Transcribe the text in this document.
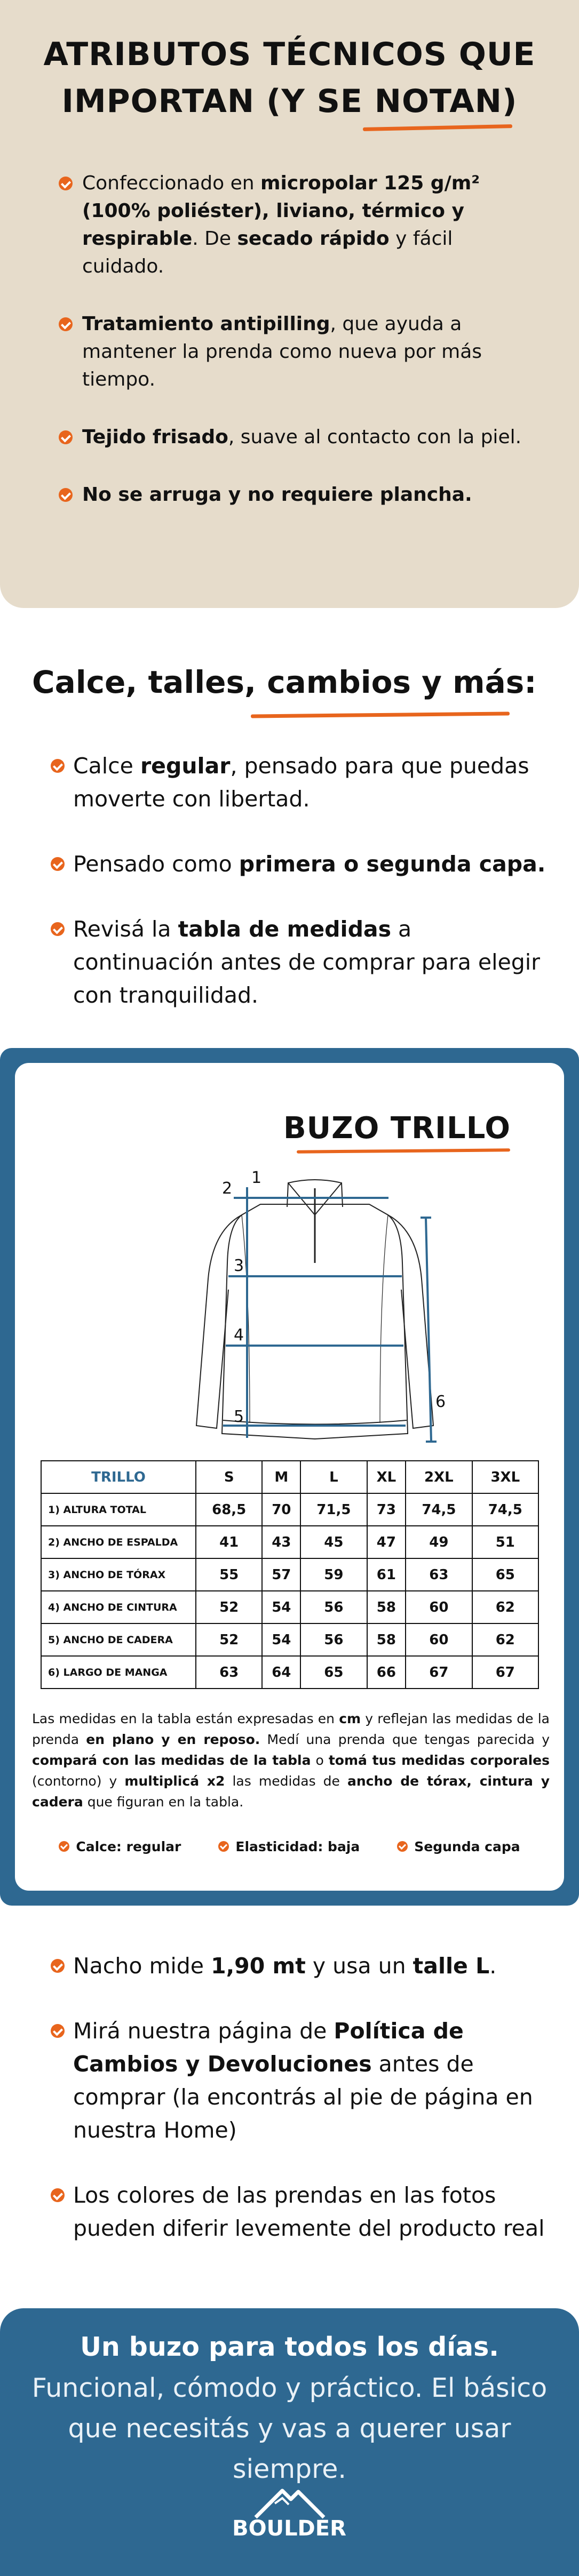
ATRIBUTOS TÉCNICOS QUE
IMPORTAN (Y SE NOTAN)
Confeccionado en micropolar 125 g/m² (100% poliéster), liviano, térmico y respirable. De secado rápido y fácil cuidado.
Tratamiento antipilling, que ayuda a mantener la prenda como nueva por más tiempo.
Tejido frisado, suave al contacto con la piel.
No se arruga y no requiere plancha.
Calce, talles, cambios y más:
Calce regular, pensado para que puedas moverte con libertad.
Pensado como primera o segunda capa.
Revisá la tabla de medidas a continuación antes de comprar para elegir con tranquilidad.
BUZO TRILLO
1
2
3
4
5
6
TRILLO	S	M	L	XL	2XL	3XL
1) ALTURA TOTAL	68,5	70	71,5	73	74,5	74,5
2) ANCHO DE ESPALDA	41	43	45	47	49	51
3) ANCHO DE TÓRAX	55	57	59	61	63	65
4) ANCHO DE CINTURA	52	54	56	58	60	62
5) ANCHO DE CADERA	52	54	56	58	60	62
6) LARGO DE MANGA	63	64	65	66	67	67

Las medidas en la tabla están expresadas en cm y reflejan las medidas de la prenda en plano y en reposo. Medí una prenda que tengas parecida y compará con las medidas de la tabla o tomá tus medidas corporales (contorno) y multiplicá x2 las medidas de ancho de tórax, cintura y cadera que figuran en la tabla.

Calce: regular	Elasticidad: baja	Segunda capa
Nacho mide 1,90 mt y usa un talle L.
Mirá nuestra página de Política de Cambios y Devoluciones antes de comprar (la encontrás al pie de página en nuestra Home)
Los colores de las prendas en las fotos pueden diferir levemente del producto real
Un buzo para todos los días.
Funcional, cómodo y práctico. El básico que necesitás y vas a querer usar siempre.
BOULDER
